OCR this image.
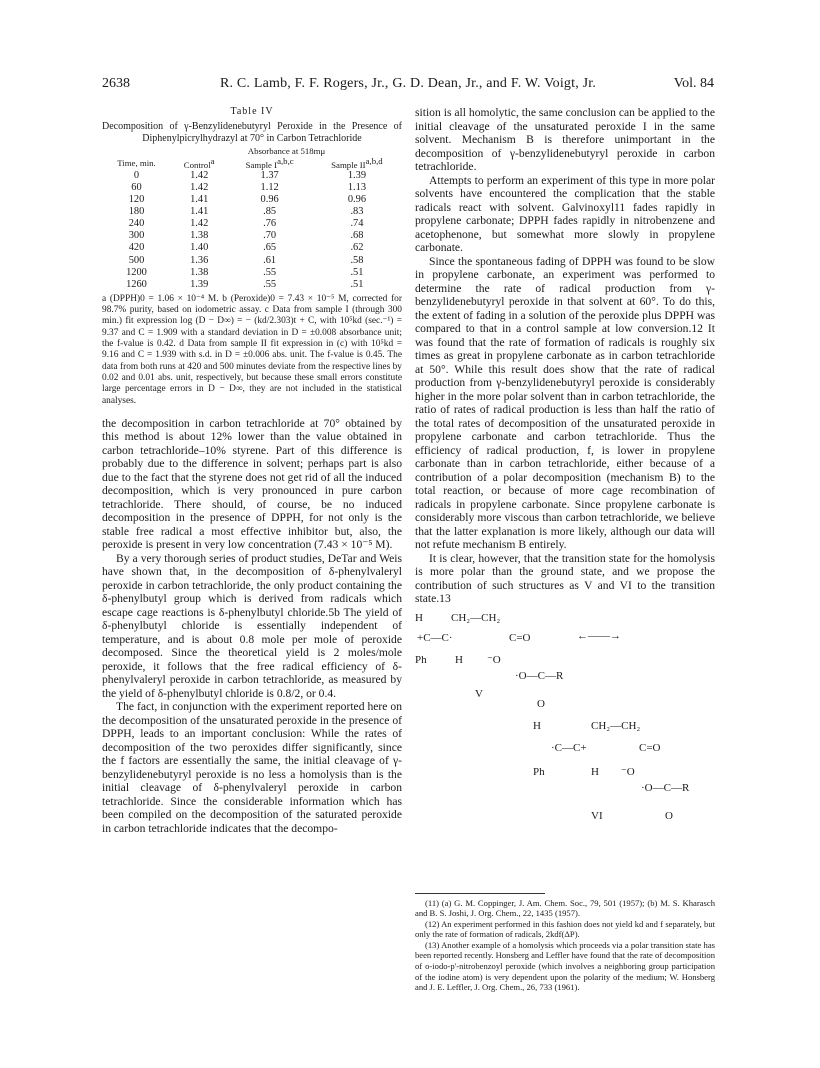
2638	R. C. Lamb, F. F. Rogers, Jr., G. D. Dean, Jr., and F. W. Voigt, Jr.	Vol. 84
Table IV
Decomposition of γ-Benzylidenebutyryl Peroxide in the Presence of Diphenylpicrylhydrazyl at 70° in Carbon Tetrachloride
	Absorbance at 518mμ		
Time, min.	Control$^a$	Sample I$^{a,b,c}$	Sample II$^{a,b,d}$
0	1.42	1.37	1.39
60	1.42	1.12	1.13
120	1.41	0.96	0.96
180	1.41	.85	.83
240	1.42	.76	.74
300	1.38	.70	.68
420	1.40	.65	.62
500	1.36	.61	.58
1200	1.38	.55	.51
1260	1.39	.55	.51
a (DPPH)0 = 1.06 × 10⁻⁴ M. b (Peroxide)0 = 7.43 × 10⁻⁵ M, corrected for 98.7% purity, based on iodometric assay. c Data from sample I (through 300 min.) fit expression log (D − D∞) = − (kd/2.303)t + C, with 10⁵kd (sec.⁻¹) = 9.37 and C = 1.909 with a standard deviation in D = ±0.008 absorbance unit; the f-value is 0.42. d Data from sample II fit expression in (c) with 10⁵kd = 9.16 and C = 1.939 with s.d. in D = ±0.006 abs. unit. The f-value is 0.45. The data from both runs at 420 and 500 minutes deviate from the respective lines by 0.02 and 0.01 abs. unit, respectively, but because these small errors constitute large percentage errors in D − D∞, they are not included in the statistical analyses.

the decomposition in carbon tetrachloride at 70° obtained by this method is about 12% lower than the value obtained in carbon tetrachloride–10% styrene. Part of this difference is probably due to the difference in solvent; perhaps part is also due to the fact that the styrene does not get rid of all the induced decomposition, which is very pronounced in pure carbon tetrachloride. There should, of course, be no induced decomposition in the presence of DPPH, for not only is the stable free radical a most effective inhibitor but, also, the peroxide is present in very low concentration (7.43 × 10⁻⁵ M).

By a very thorough series of product studies, DeTar and Weis have shown that, in the decomposition of δ-phenylvaleryl peroxide in carbon tetrachloride, the only product containing the δ-phenylbutyl group which is derived from radicals which escape cage reactions is δ-phenylbutyl chloride.5b The yield of δ-phenylbutyl chloride is essentially independent of temperature, and is about 0.8 mole per mole of peroxide decomposed. Since the theoretical yield is 2 moles/mole peroxide, it follows that the free radical efficiency of δ-phenylvaleryl peroxide in carbon tetrachloride, as measured by the yield of δ-phenylbutyl chloride is 0.8/2, or 0.4.

The fact, in conjunction with the experiment reported here on the decomposition of the unsaturated peroxide in the presence of DPPH, leads to an important conclusion: While the rates of decomposition of the two peroxides differ significantly, since the f factors are essentially the same, the initial cleavage of γ-benzylidenebutyryl peroxide is no less a homolysis than is the initial cleavage of δ-phenylvaleryl peroxide in carbon tetrachloride. Since the considerable information which has been compiled on the decomposition of the saturated peroxide in carbon tetrachloride indicates that the decompo-

sition is all homolytic, the same conclusion can be applied to the initial cleavage of the unsaturated peroxide I in the same solvent. Mechanism B is therefore unimportant in the decomposition of γ-benzylidenebutyryl peroxide in carbon tetrachloride.

Attempts to perform an experiment of this type in more polar solvents have encountered the complication that the stable radicals react with solvent. Galvinoxyl11 fades rapidly in propylene carbonate; DPPH fades rapidly in nitrobenzene and acetophenone, but somewhat more slowly in propylene carbonate.

Since the spontaneous fading of DPPH was found to be slow in propylene carbonate, an experiment was performed to determine the rate of radical production from γ-benzylidenebutyryl peroxide in that solvent at 60°. To do this, the extent of fading in a solution of the peroxide plus DPPH was compared to that in a control sample at low conversion.12 It was found that the rate of formation of radicals is roughly six times as great in propylene carbonate as in carbon tetrachloride at 50°. While this result does show that the rate of radical production from γ-benzylidenebutyryl peroxide is considerably higher in the more polar solvent than in carbon tetrachloride, the ratio of rates of radical production is less than half the ratio of the total rates of decomposition of the unsaturated peroxide in propylene carbonate and carbon tetrachloride. Thus the efficiency of radical production, f, is lower in propylene carbonate than in carbon tetrachloride, either because of a contribution of a polar decomposition (mechanism B) to the total reaction, or because of more cage recombination of radicals in propylene carbonate. Since propylene carbonate is considerably more viscous than carbon tetrachloride, we believe that the latter explanation is more likely, although our data will not refute mechanism B entirely.

It is clear, however, that the transition state for the homolysis is more polar than the ground state, and we propose the contribution of such structures as V and VI to the transition state.13

H	CH₂—CH₂
+C—C·	C=O	←——→
Ph	H ⁻O
·O—C—R
O
V
H	CH₂—CH₂
·C—C+	C=O
Ph	H ⁻O
·O—C—R
O
VI

(11) (a) G. M. Coppinger, J. Am. Chem. Soc., 79, 501 (1957); (b) M. S. Kharasch and B. S. Joshi, J. Org. Chem., 22, 1435 (1957).

(12) An experiment performed in this fashion does not yield kd and f separately, but only the rate of formation of radicals, 2kdf(ΔP).

(13) Another example of a homolysis which proceeds via a polar transition state has been reported recently. Honsberg and Leffler have found that the rate of decomposition of o-iodo-p'-nitrobenzoyl peroxide (which involves a neighboring group participation of the iodine atom) is very dependent upon the polarity of the medium; W. Honsberg and J. E. Leffler, J. Org. Chem., 26, 733 (1961).
